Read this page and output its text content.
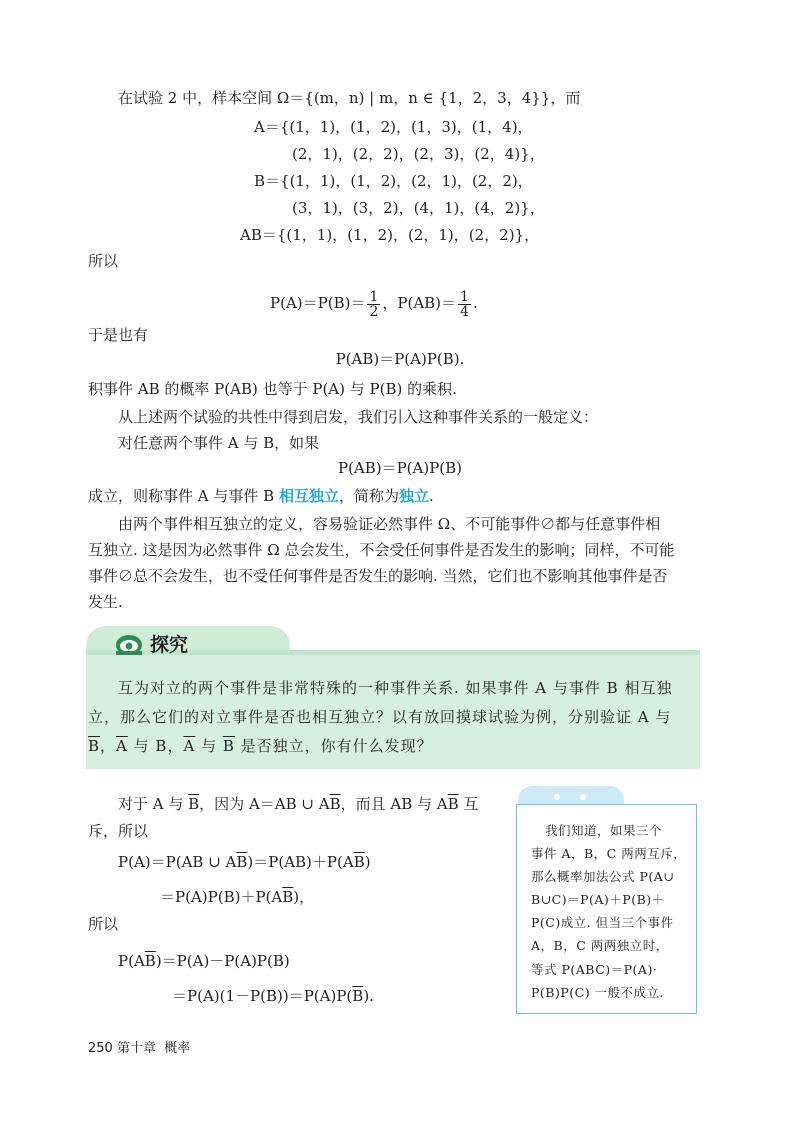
在试验 2 中，样本空间 Ω＝{(m，n) | m，n ∈ {1，2，3，4}}，而
A＝{(1，1)，(1，2)，(1，3)，(1，4)，
(2，1)，(2，2)，(2，3)，(2，4)}，
B＝{(1，1)，(1，2)，(2，1)，(2，2)，
(3，1)，(3，2)，(4，1)，(4，2)}，
AB＝{(1，1)，(1，2)，(2，1)，(2，2)}，
所以
$P(A)=P(B)= \frac{1}{2}$ ，$P(AB)= \frac{1}{4}$ .
于是也有
P(AB)＝P(A)P(B).
积事件 AB 的概率 P(AB) 也等于 P(A) 与 P(B) 的乘积.
从上述两个试验的共性中得到启发，我们引入这种事件关系的一般定义：
对任意两个事件 A 与 B，如果
P(AB)＝P(A)P(B)
成立，则称事件 A 与事件 B 相互独立，简称为独立.
由两个事件相互独立的定义，容易验证必然事件 Ω、不可能事件∅都与任意事件相
互独立. 这是因为必然事件 Ω 总会发生，不会受任何事件是否发生的影响；同样，不可能
事件∅总不会发生，也不受任何事件是否发生的影响. 当然，它们也不影响其他事件是否
发生.
探究
互为对立的两个事件是非常特殊的一种事件关系. 如果事件 A 与事件 B 相互独
立，那么它们的对立事件是否也相互独立？以有放回摸球试验为例，分别验证 A 与
$\overline{B}$，$\overline{A}$ 与 B，$\overline{A}$ 与 $\overline{B}$ 是否独立，你有什么发现？
对于 A 与 $\overline{B}$，因为 A＝AB ∪ $A\overline{B}$，而且 AB 与 $A\overline{B}$ 互
斥，所以
P(A)＝P(AB ∪ $A\overline{B})=P(AB)+P(A\overline{B})$
$=P(A)P(B)+P(A\overline{B})$，
所以
$P(A\overline{B})=P(A)-P(A)P(B)$
$=P(A)(1-P(B))=P(A)P(\overline{B})$.
我们知道，如果三个
事件 A，B，C 两两互斥，
那么概率加法公式 P(A∪
B∪C)＝P(A)＋P(B)＋
P(C)成立. 但当三个事件
A，B，C 两两独立时，
等式 P(ABC)＝P(A)·
P(B)P(C) 一般不成立.
250 第十章 概率
